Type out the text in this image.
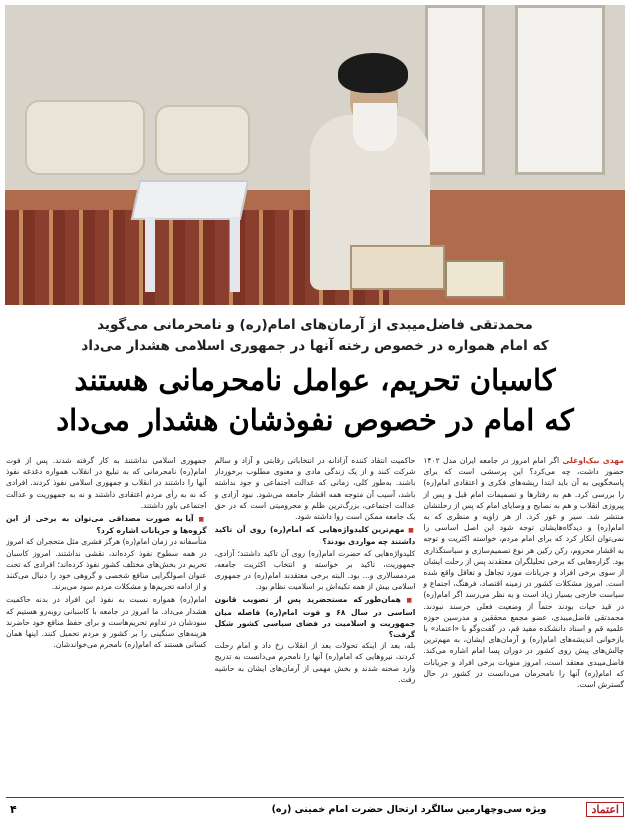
محمدتقی فاضل‌میبدی از آرمان‌های امام(ره) و نامحرمانی می‌گوید
که امام همواره در خصوص رخنه آنها در جمهوری اسلامی هشدار می‌داد
کاسبان تحریم، عوامل نامحرمانی هستند
که امام در خصوص نفوذشان هشدار می‌داد

مهدی بیک‌اوغلی اگر امام امروز در جامعه ایران مدل ۱۴۰۲ حضور داشت، چه می‌کرد؟ این پرسشی است که برای پاسخگویی به آن باید ابتدا ریشه‌های فکری و اعتقادی امام(ره) را بررسی کرد. هم به رفتارها و تصمیمات امام قبل و پس از پیروزی انقلاب و هم به نصایح و وصایای امام که پس از رحلتشان منتشر شد. سیر و غور کرد. از هر زاویه و منظری که به امام(ره) و دیدگاه‌هایشان توجه شود این اصل اساسی را نمی‌توان انکار کرد که برای امام مردم، خواسته اکثریت و توجه به اقشار محروم، رکن رکین هر نوع تصمیم‌سازی و سیاستگذاری بود. گزاره‌هایی که برخی تحلیلگران معتقدند پس از رحلت ایشان از سوی برخی افراد و جریانات مورد تجاهل و تغافل واقع شده است. امروز مشکلات کشور در زمینه اقتصاد، فرهنگ، اجتماع و سیاست خارجی بسیار زیاد است و به نظر می‌رسد اگر امام(ره) در قید حیات بودند حتماً از وضعیت فعلی خرسند نبودند. محمدتقی فاضل‌میبدی، عضو مجمع محققین و مدرسین حوزه علمیه قم و استاد دانشکده مفید قم، در گفت‌وگو با «اعتماد» با بازخوانی اندیشه‌های امام(ره) و آرمان‌های ایشان، به مهم‌ترین چالش‌های پیش روی کشور در دوران پسا امام اشاره می‌کند. فاضل‌میبدی معتقد است، امروز منویات برخی افراد و جریانات که امام(ره) آنها را نامحرمان می‌دانست در کشور در حال گسترش است.

حاکمیت انتقاد کننده آزادانه در انتخاباتی رقابتی و آزاد و سالم شرکت کنند و از یک زندگی مادی و معنوی مطلوب برخوردار باشند. به‌طور کلی، زمانی که عدالت اجتماعی و جود نداشته باشد، آسیب آن متوجه همه اقشار جامعه می‌شود. نبود آزادی و عدالت اجتماعی، بزرگ‌ترین ظلم و محرومیتی است که در حق یک جامعه ممکن است روا داشته شود.

■ مهم‌ترین کلیدواژه‌هایی که امام(ره) روی آن تاکید داشتند چه مواردی بودند؟

کلیدواژه‌هایی که حضرت امام(ره) روی آن تاکید داشتند؛ آزادی، جمهوریت، تاکید بر خواسته و انتخاب اکثریت جامعه، مردمسالاری و... بود. البته برخی معتقدند امام(ره) در جمهوری اسلامی بیش از همه تکیه‌اش بر اسلامیت نظام بود.

■ همان‌طور که مستحضرید پس از تصویب قانون اساسی در سال ۶۸ و فوت امام(ره) فاصله میان جمهوریت و اسلامیت در فضای سیاسی کشور شکل گرفت؟

بله، بعد از اینکه تحولات بعد از انقلاب رخ داد و امام رحلت کردند، نیروهایی که امام(ره) آنها را نامحرم می‌دانست به تدریج وارد صحنه شدند و بخش مهمی از آرمان‌های ایشان به حاشیه رفت.

جمهوری اسلامی نداشتند به کار گرفته شدند. پس از فوت امام(ره) نامحرمانی که به تبلیغ در انقلاب همواره دغدغه نفوذ آنها را داشتند در انقلاب و جمهوری اسلامی نفوذ کردند. افرادی که نه به رأی مردم اعتقادی داشتند و نه به جمهوریت و عدالت اجتماعی باور داشتند.

■ آیا به صورت مصداقی می‌توان به برخی از این گروه‌ها و جریانات اشاره کرد؟

متأسفانه در زمان امام(ره) هرگز فشری مثل متحجران که امروز در همه سطوح نفوذ کرده‌اند، نقشی نداشتند. امروز کاسبان تحریم در بخش‌های مختلف کشور نفوذ کرده‌اند؛ افرادی که تحت عنوان اصولگرایی منافع شخصی و گروهی خود را دنبال می‌کنند و از ادامه تحریم‌ها و مشکلات مردم سود می‌برند.

امام(ره) همواره نسبت به نفوذ این افراد در بدنه حاکمیت هشدار می‌داد. ما امروز در جامعه با کاسبانی روبه‌رو هستیم که سودشان در تداوم تحریم‌هاست و برای حفظ منافع خود حاضرند هزینه‌های سنگینی را بر کشور و مردم تحمیل کنند. اینها همان کسانی هستند که امام(ره) نامحرم می‌خواندشان.

اعتماد
ویژه سی‌وچهارمین سالگرد ارتحال حضرت امام خمینی (ره)
۴
